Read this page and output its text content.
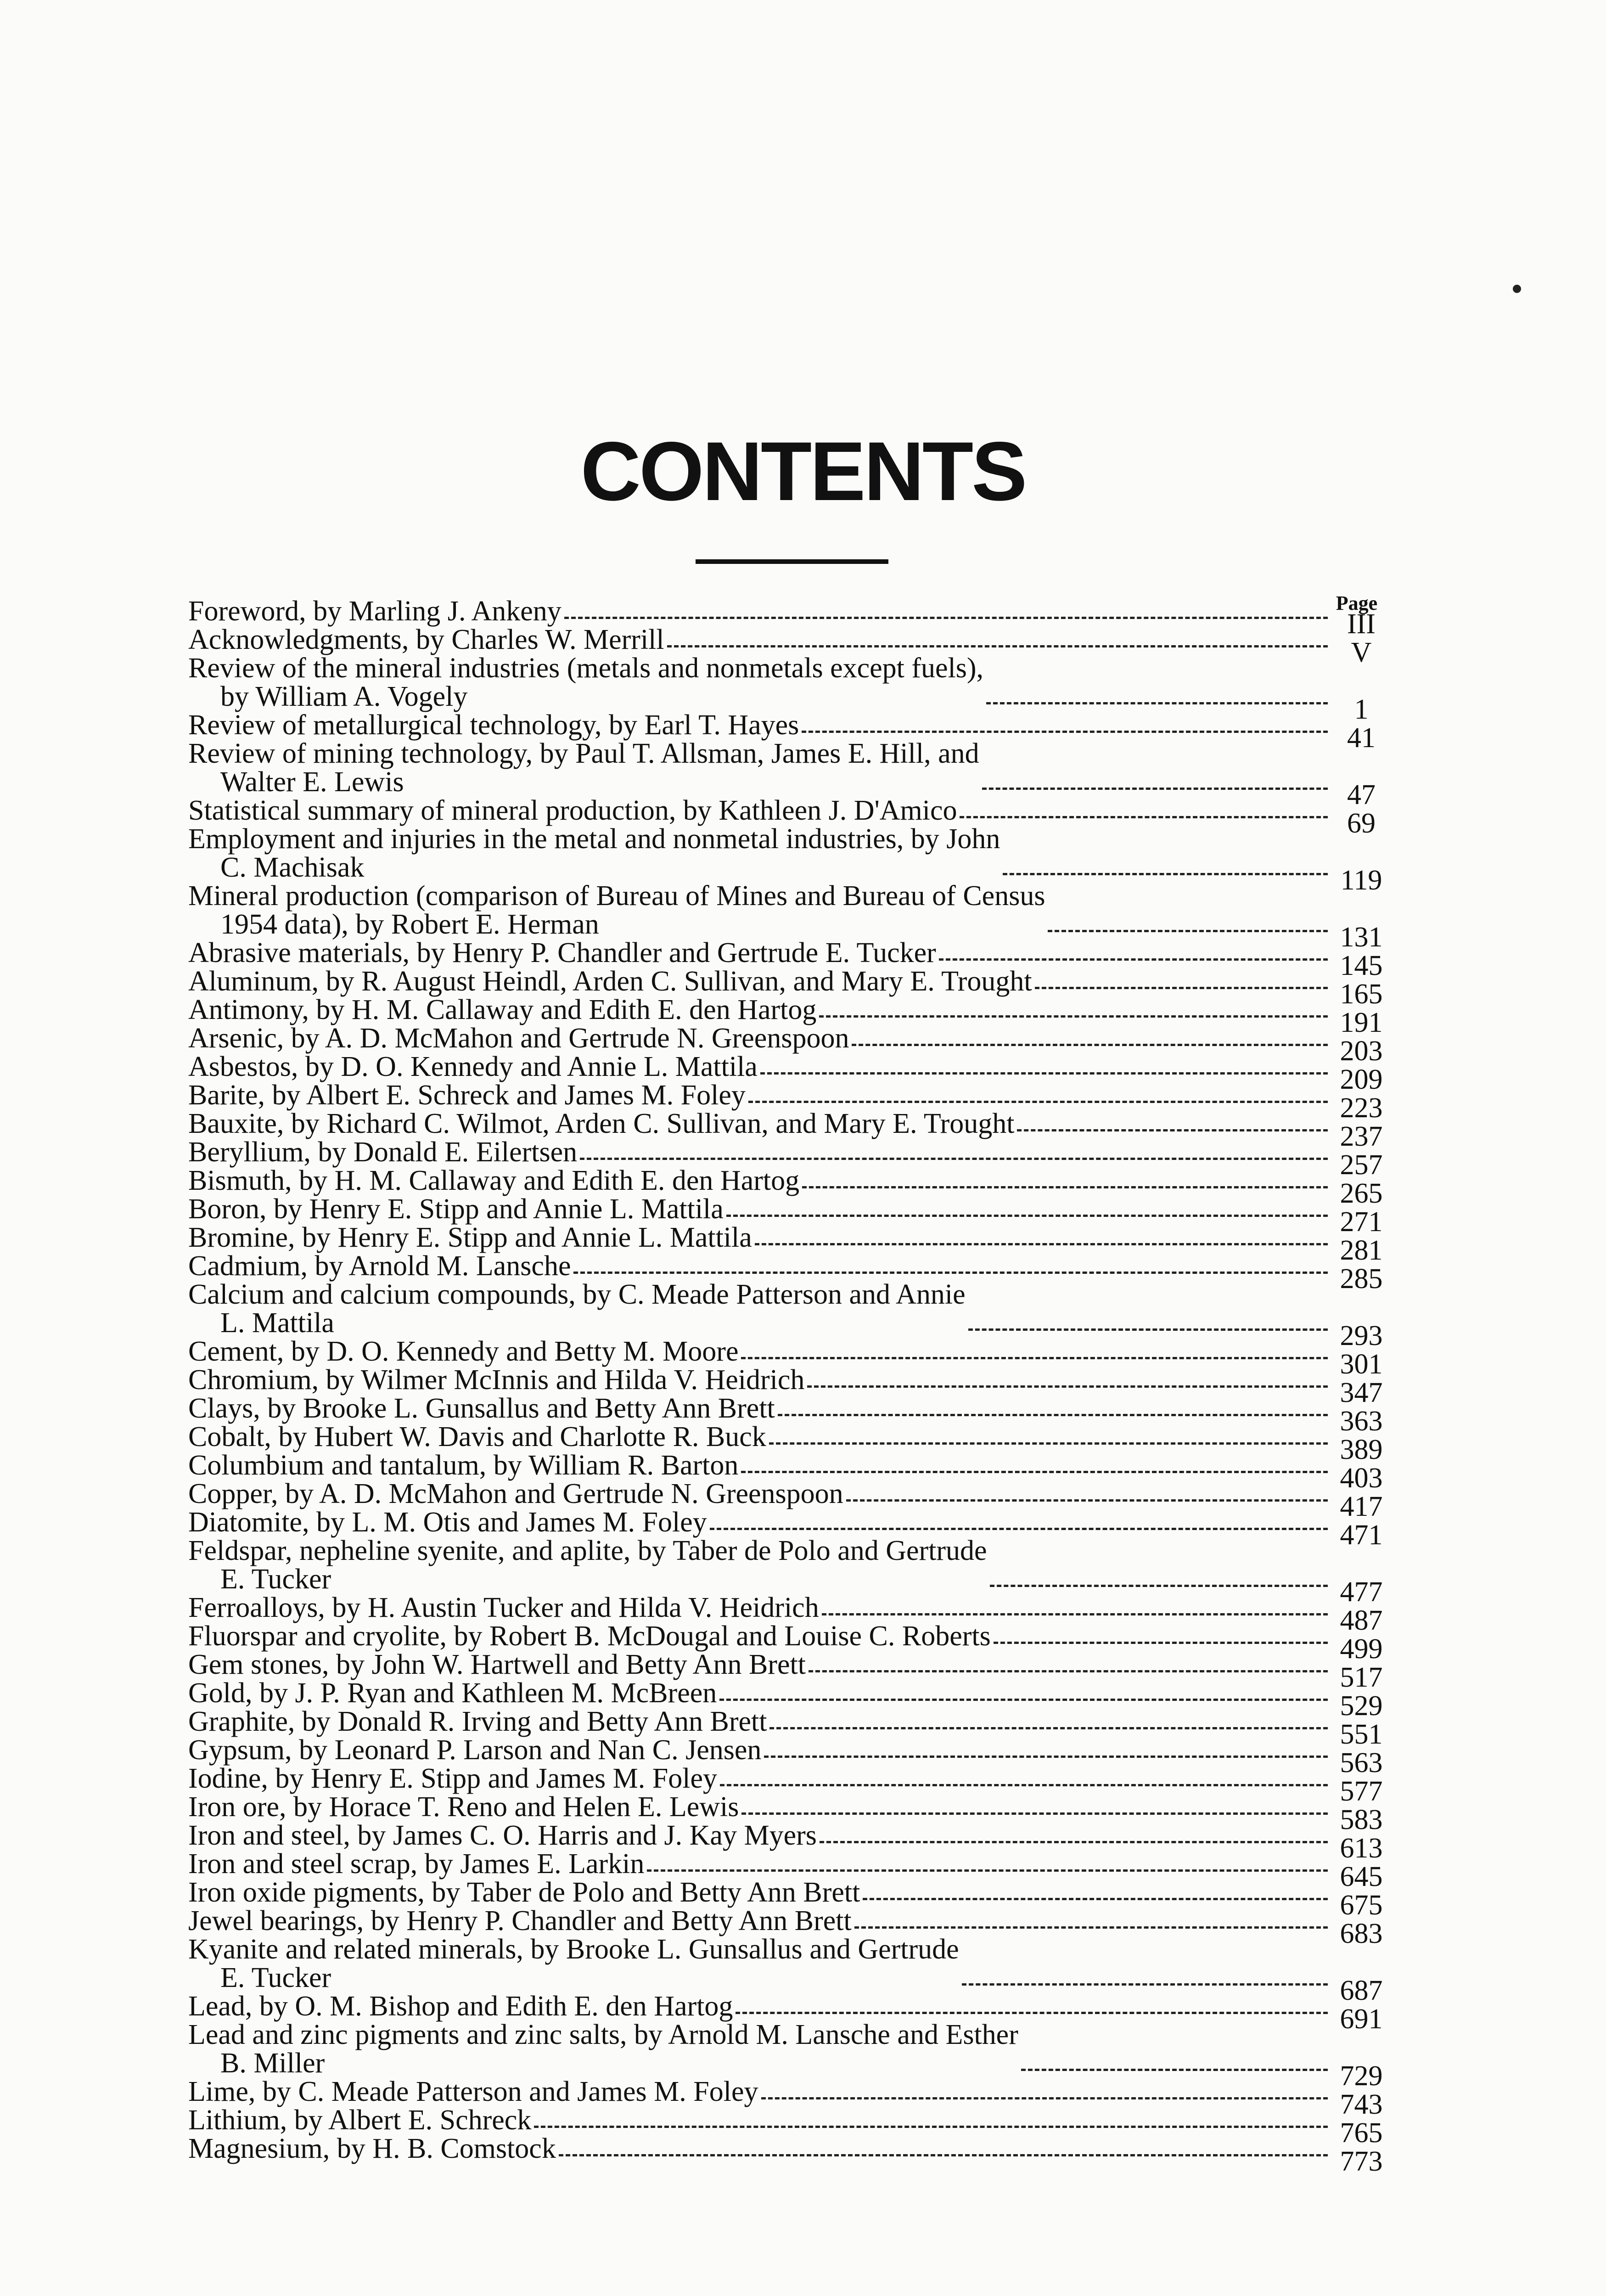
CONTENTS
Page
Foreword, by Marling J. Ankeny
Acknowledgments, by Charles W. Merrill
Review of the mineral industries (metals and nonmetals except fuels),
by William A. Vogely
Review of metallurgical technology, by Earl T. Hayes
Review of mining technology, by Paul T. Allsman, James E. Hill, and
Walter E. Lewis
Statistical summary of mineral production, by Kathleen J. D'Amico
Employment and injuries in the metal and nonmetal industries, by John
C. Machisak
Mineral production (comparison of Bureau of Mines and Bureau of Census
1954 data), by Robert E. Herman
Abrasive materials, by Henry P. Chandler and Gertrude E. Tucker
Aluminum, by R. August Heindl, Arden C. Sullivan, and Mary E. Trought
Antimony, by H. M. Callaway and Edith E. den Hartog
Arsenic, by A. D. McMahon and Gertrude N. Greenspoon
Asbestos, by D. O. Kennedy and Annie L. Mattila
Barite, by Albert E. Schreck and James M. Foley
Bauxite, by Richard C. Wilmot, Arden C. Sullivan, and Mary E. Trought
Beryllium, by Donald E. Eilertsen
Bismuth, by H. M. Callaway and Edith E. den Hartog
Boron, by Henry E. Stipp and Annie L. Mattila
Bromine, by Henry E. Stipp and Annie L. Mattila
Cadmium, by Arnold M. Lansche
Calcium and calcium compounds, by C. Meade Patterson and Annie
L. Mattila
Cement, by D. O. Kennedy and Betty M. Moore
Chromium, by Wilmer McInnis and Hilda V. Heidrich
Clays, by Brooke L. Gunsallus and Betty Ann Brett
Cobalt, by Hubert W. Davis and Charlotte R. Buck
Columbium and tantalum, by William R. Barton
Copper, by A. D. McMahon and Gertrude N. Greenspoon
Diatomite, by L. M. Otis and James M. Foley
Feldspar, nepheline syenite, and aplite, by Taber de Polo and Gertrude
E. Tucker
Ferroalloys, by H. Austin Tucker and Hilda V. Heidrich
Fluorspar and cryolite, by Robert B. McDougal and Louise C. Roberts
Gem stones, by John W. Hartwell and Betty Ann Brett
Gold, by J. P. Ryan and Kathleen M. McBreen
Graphite, by Donald R. Irving and Betty Ann Brett
Gypsum, by Leonard P. Larson and Nan C. Jensen
Iodine, by Henry E. Stipp and James M. Foley
Iron ore, by Horace T. Reno and Helen E. Lewis
Iron and steel, by James C. O. Harris and J. Kay Myers
Iron and steel scrap, by James E. Larkin
Iron oxide pigments, by Taber de Polo and Betty Ann Brett
Jewel bearings, by Henry P. Chandler and Betty Ann Brett
Kyanite and related minerals, by Brooke L. Gunsallus and Gertrude
E. Tucker
Lead, by O. M. Bishop and Edith E. den Hartog
Lead and zinc pigments and zinc salts, by Arnold M. Lansche and Esther
B. Miller
Lime, by C. Meade Patterson and James M. Foley
Lithium, by Albert E. Schreck
Magnesium, by H. B. Comstock
III
V
1
41
47
69
119
131
145
165
191
203
209
223
237
257
265
271
281
285
293
301
347
363
389
403
417
471
477
487
499
517
529
551
563
577
583
613
645
675
683
687
691
729
743
765
773
